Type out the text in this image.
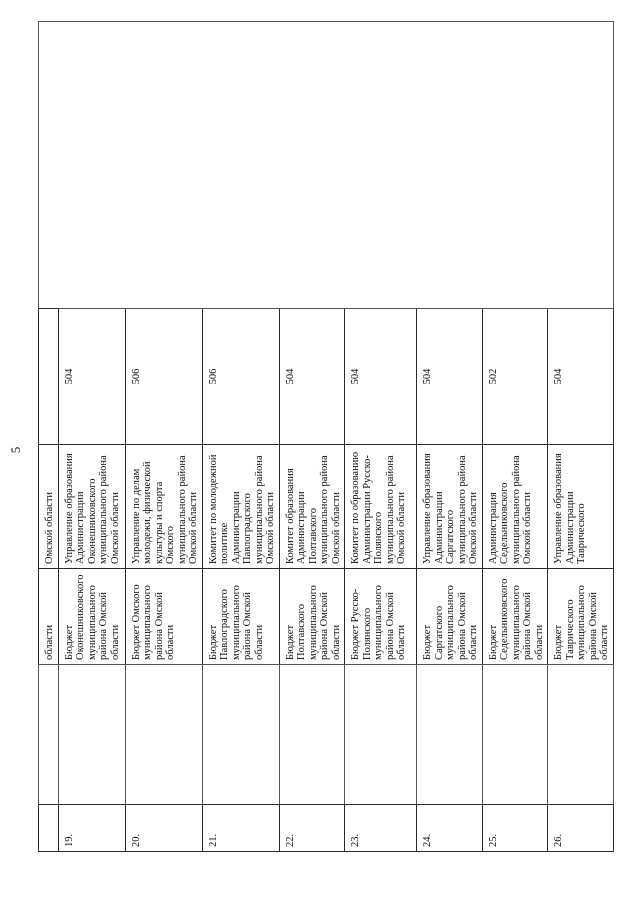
5
		области	Омской области		
19.		Бюджет Оконешниковского муниципального района Омской области	Управление образования Администрации Оконешниковского муниципального района Омской области	504	
20.		Бюджет Омского муниципального района Омской области	Управление по делам молодежи, физической культуры и спорта Омского муниципального района Омской области	506	
21.		Бюджет Павлоградского муниципального района Омской области	Комитет по молодежной политике Администрации Павлоградского муниципального района Омской области	506	
22.		Бюджет Полтавского муниципального района Омской области	Комитет образования Администрации Полтавского муниципального района Омской области	504	
23.		Бюджет Русско-Полянского муниципального района Омской области	Комитет по образованию Администрации Русско-Полянского муниципального района Омской области	504	
24.		Бюджет Саргатского муниципального района Омской области	Управление образования Администрации Саргатского муниципального района Омской области	504	
25.		Бюджет Седельниковского муниципального района Омской области	Администрация Седельниковского муниципального района Омской области	502	
26.		Бюджет Таврического муниципального района Омской области	Управление образования Администрации Таврического	504	
